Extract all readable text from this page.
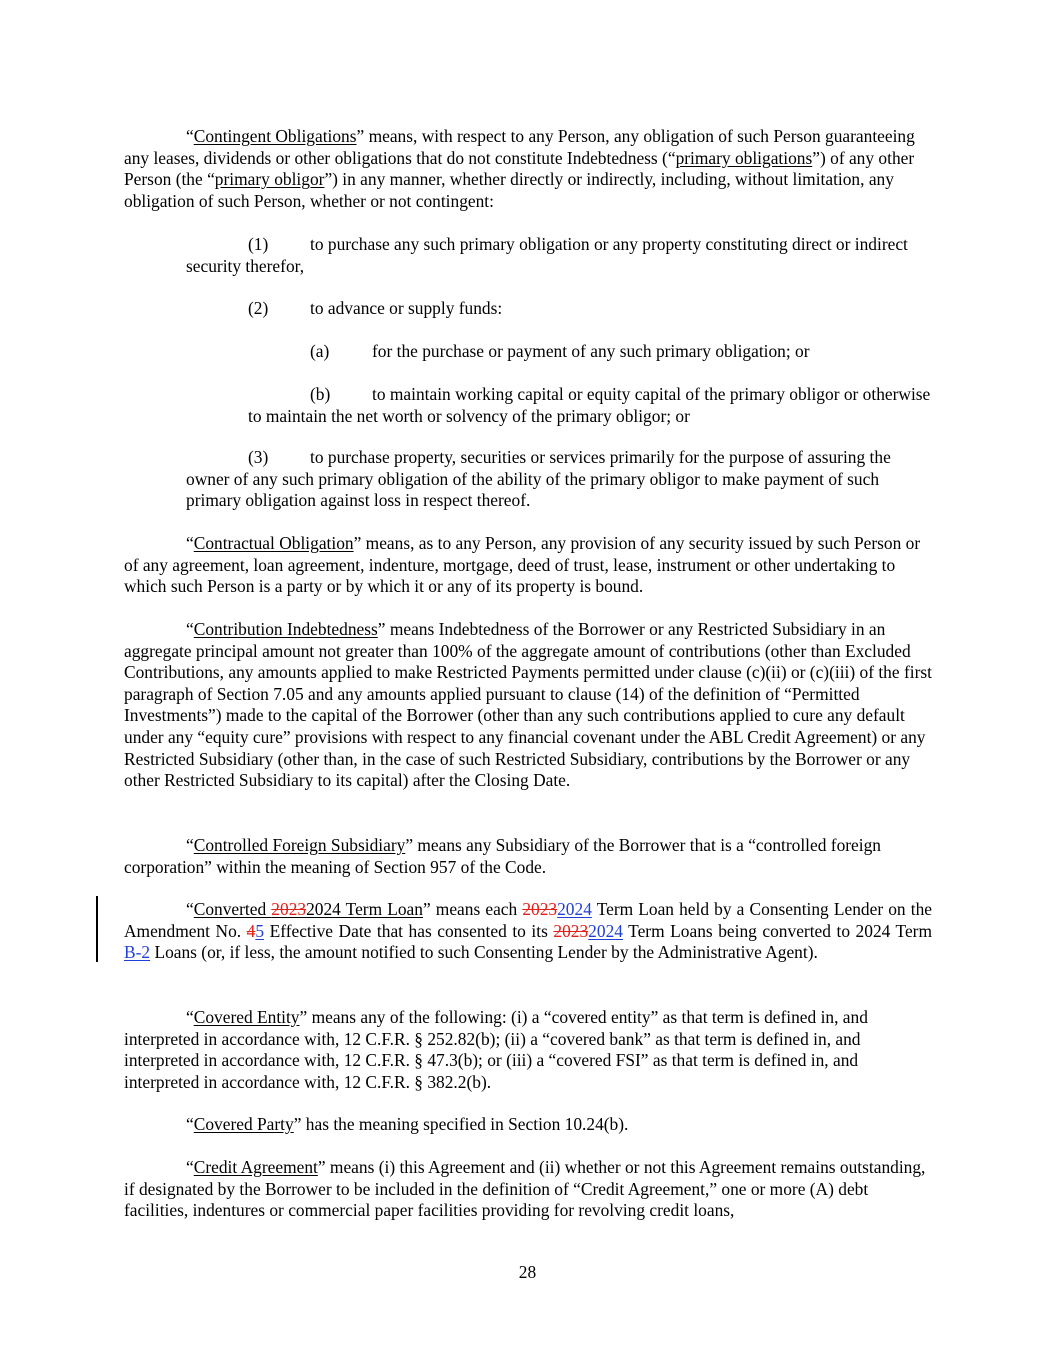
“Contingent Obligations” means, with respect to any Person, any obligation of such Person guaranteeing any leases, dividends or other obligations that do not constitute Indebtedness (“primary obligations”) of any other Person (the “primary obligor”) in any manner, whether directly or indirectly, including, without limitation, any obligation of such Person, whether or not contingent:

(1) to purchase any such primary obligation or any property constituting direct or indirect security therefor,

(2) to advance or supply funds:

(a) for the purchase or payment of any such primary obligation; or

(b) to maintain working capital or equity capital of the primary obligor or otherwise to maintain the net worth or solvency of the primary obligor; or

(3) to purchase property, securities or services primarily for the purpose of assuring the owner of any such primary obligation of the ability of the primary obligor to make payment of such primary obligation against loss in respect thereof.

“Contractual Obligation” means, as to any Person, any provision of any security issued by such Person or of any agreement, loan agreement, indenture, mortgage, deed of trust, lease, instrument or other undertaking to which such Person is a party or by which it or any of its property is bound.

“Contribution Indebtedness” means Indebtedness of the Borrower or any Restricted Subsidiary in an aggregate principal amount not greater than 100% of the aggregate amount of contributions (other than Excluded Contributions, any amounts applied to make Restricted Payments permitted under clause (c)(ii) or (c)(iii) of the first paragraph of Section 7.05 and any amounts applied pursuant to clause (14) of the definition of “Permitted Investments”) made to the capital of the Borrower (other than any such contributions applied to cure any default under any “equity cure” provisions with respect to any financial covenant under the ABL Credit Agreement) or any Restricted Subsidiary (other than, in the case of such Restricted Subsidiary, contributions by the Borrower or any other Restricted Subsidiary to its capital) after the Closing Date.

“Controlled Foreign Subsidiary” means any Subsidiary of the Borrower that is a “controlled foreign corporation” within the meaning of Section 957 of the Code.

“Converted 20232024 Term Loan” means each 20232024 Term Loan held by a Consenting Lender on the Amendment No. 45 Effective Date that has consented to its 20232024 Term Loans being converted to 2024 Term B-2 Loans (or, if less, the amount notified to such Consenting Lender by the Administrative Agent).

“Covered Entity” means any of the following: (i) a “covered entity” as that term is defined in, and interpreted in accordance with, 12 C.F.R. § 252.82(b); (ii) a “covered bank” as that term is defined in, and interpreted in accordance with, 12 C.F.R. § 47.3(b); or (iii) a “covered FSI” as that term is defined in, and interpreted in accordance with, 12 C.F.R. § 382.2(b).

“Covered Party” has the meaning specified in Section 10.24(b).

“Credit Agreement” means (i) this Agreement and (ii) whether or not this Agreement remains outstanding, if designated by the Borrower to be included in the definition of “Credit Agreement,” one or more (A) debt facilities, indentures or commercial paper facilities providing for revolving credit loans,

28
